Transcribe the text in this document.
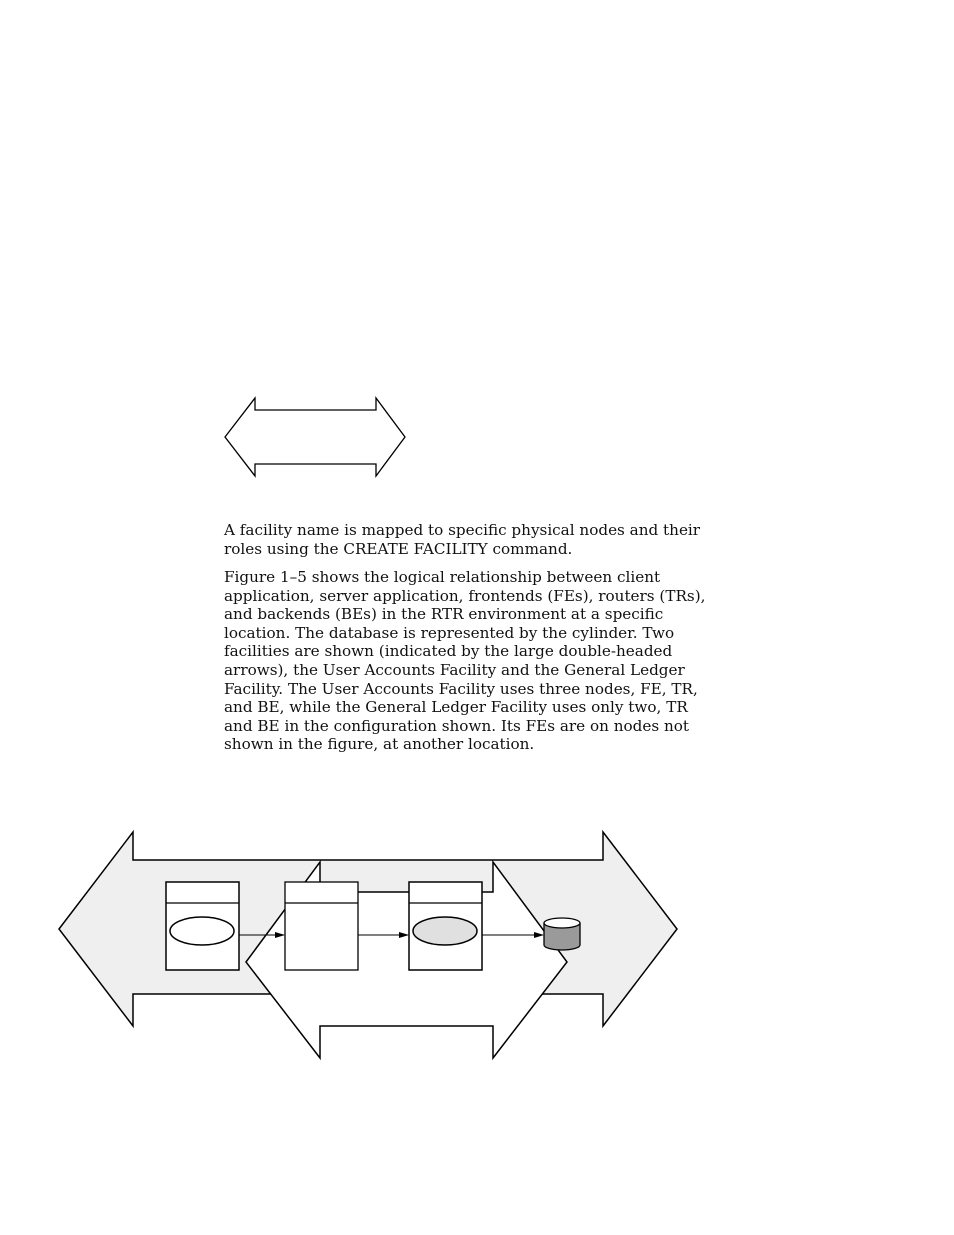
A facility name is mapped to specific physical nodes and their roles using the CREATE FACILITY command.

Figure 1–5 shows the logical relationship between client application, server application, frontends (FEs), routers (TRs), and backends (BEs) in the RTR environment at a specific location. The database is represented by the cylinder. Two facilities are shown (indicated by the large double-headed arrows), the User Accounts Facility and the General Ledger Facility. The User Accounts Facility uses three nodes, FE, TR, and BE, while the General Ledger Facility uses only two, TR and BE in the configuration shown. Its FEs are on nodes not shown in the figure, at another location.
